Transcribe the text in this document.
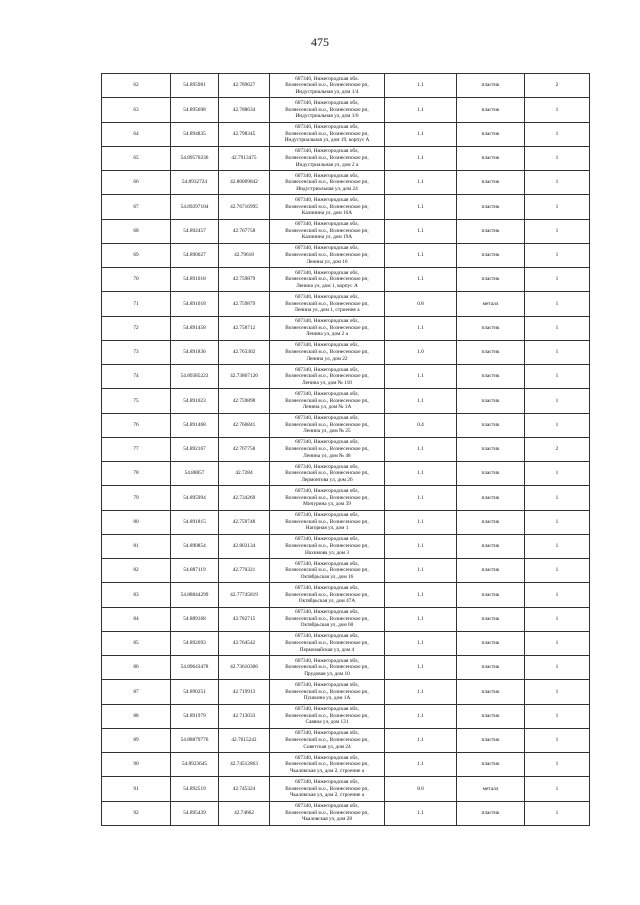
475
62	54.895981	42.789627	607340, Нижегородская обл.
Вознесенский м.о., Вознесенское рп,
Индустриальная ул, дом 1/4	1.1	пластик	2
63	54.895698	42.788634	607340, Нижегородская обл,
Вознесенский м.о., Вознесенское рп,
Индустриальная ул, дом 1/6	1.1	пластик	1
64	54.894835	42.798345	607340, Нижегородская обл,
Вознесенский м.о., Вознесенское рп,
Индустриальная ул, дом 19, корпус А	1.1	пластик	1
65	54.89570236	42.7913475	607340, Нижегородская обл,
Вознесенский м.о., Вознесенское рп,
Индустриальная ул, дом 2 а	1.1	пластик	1
66	54.8932724	42.80009842	607340, Нижегородская обл,
Вознесенский м.о., Вознесенское рп,
Индустриальная ул, дом 24	1.1	пластик	1
67	54.89297104	42.76716995	607340, Нижегородская обл,
Вознесенский м.о., Вознесенское рп,
Калинина ул, дом 16А	1.1	пластик	1
68	54.892457	42.767758	607340, Нижегородская обл,
Вознесенский м.о., Вознесенское рп,
Калинина ул, дом 19А	1.1	пластик	1
69	54.890027	42.79618	607340, Нижегородская обл,
Вознесенский м.о., Вознесенское рп,
Ленина ул, дом 16	1.1	пластик	1
70	54.891018	42.759879	607340, Нижегородская обл,
Вознесенский м.о., Вознесенское рп,
Ленина ул, дом 1, корпус А	1.1	пластик	1
71	54.891018	42.759879	607340, Нижегородская обл,
Вознесенский м.о., Вознесенское рп,
Ленина ул, дом 1, строение а	0.8	металл	1
72	54.891458	42.758712	607340, Нижегородская обл,
Вознесенский м.о., Вознесенское рп,
Ленина ул, дом 2 а	1.1	пластик	1
73	54.891836	42.763302	607340, Нижегородская обл,
Вознесенский м.о., Вознесенское рп,
Ленина ул, дом 22	1.0	пластик	1
74	54.89385223	42.73867126	607340, Нижегородская обл,
Вознесенский м.о., Вознесенское рп,
Ленина ул, дом № 110	1.1	пластик	1
75	54.891023	42.759898	607340, Нижегородская обл,
Вознесенский м.о., Вознесенское рп,
Ленина ул, дом № 1А	1.1	пластик	1
76	54.891468	42.766841	607340, Нижегородская обл,
Вознесенский м.о., Вознесенское рп,
Ленина ул, дом № 25	0.4	пластик	1
77	54.892167	42.767758	607340, Нижегородская обл,
Вознесенский м.о., Вознесенское рп,
Ленина ул, дом № 48	1.1	пластик	2
78	54.88857	42.7284	607340, Нижегородская обл,
Вознесенский м.о., Вознесенское рп,
Лермонтова ул, дом 26	1.1	пластик	1
79	54.895994	42.734269	607340, Нижегородская обл,
Вознесенский м.о., Вознесенское рп,
Мичурина ул, дом 39	1.1	пластик	1
80	54.891815	42.759748	607340, Нижегородская обл,
Вознесенский м.о., Вознесенское рп,
Нагорная ул, дом 1	1.1	пластик	1
81	54.890854	42.803134	607340, Нижегородская обл,
Вознесенский м.о., Вознесенское рп,
Нахимова ул, дом 3	1.1	пластик	1
82	54.887119	42.770321	607340, Нижегородская обл,
Вознесенский м.о., Вознесенское рп,
Октябрьская ул, дом 16	1.1	пластик	1
83	54.88844299	42.77745819	607340, Нижегородская обл,
Вознесенский м.о., Вознесенское рп,
Октябрьская ул, дом 47А	1.1	пластик	1
84	54.889168	42.782715	607340, Нижегородская обл,
Вознесенский м.о., Вознесенское рп,
Октябрьская ул, дом 60	1.1	пластик	1
85	54.892693	42.764542	607340, Нижегородская обл,
Вознесенский м.о., Вознесенское рп,
Пермомайская ул, дом 4	1.1	пластик	1
86	54.89643478	42.73610306	607340, Нижегородская обл,
Вознесенский м.о., Вознесенское рп,
Прудовая ул, дом 10	1.1	пластик	1
87	54.890251	42.719913	607340, Нижегородская обл,
Вознесенский м.о., Вознесенское рп,
Пушкина ул, дом 1А	1.1	пластик	1
88	54.891979	42.713033	607340, Нижегородская обл,
Вознесенский м.о., Вознесенское рп,
Саввиа ул, дом 131	1.1	пластик	1
89	54.88879776	42.7615242	607340, Нижегородская обл,
Вознесенский м.о., Вознесенское рп,
Советская ул, дом 24	1.1	пластик	1
90	54.8923645	42.74512863	607340, Нижегородская обл,
Вознесенский м.о., Вознесенское рп,
Чкаловская ул, дом 2, строение а	1.1	пластик	1
91	54.892519	42.745324	607340, Нижегородская обл,
Вознесенский м.о., Вознесенское рп,
Чкаловская ул, дом 2, строение а	8.0	металл	1
92	54.895439	42.74662	607340, Нижегородская обл,
Вознесенский м.о., Вознесенское рп,
Чкаловская ул, дом 28	1.1	пластик	1
